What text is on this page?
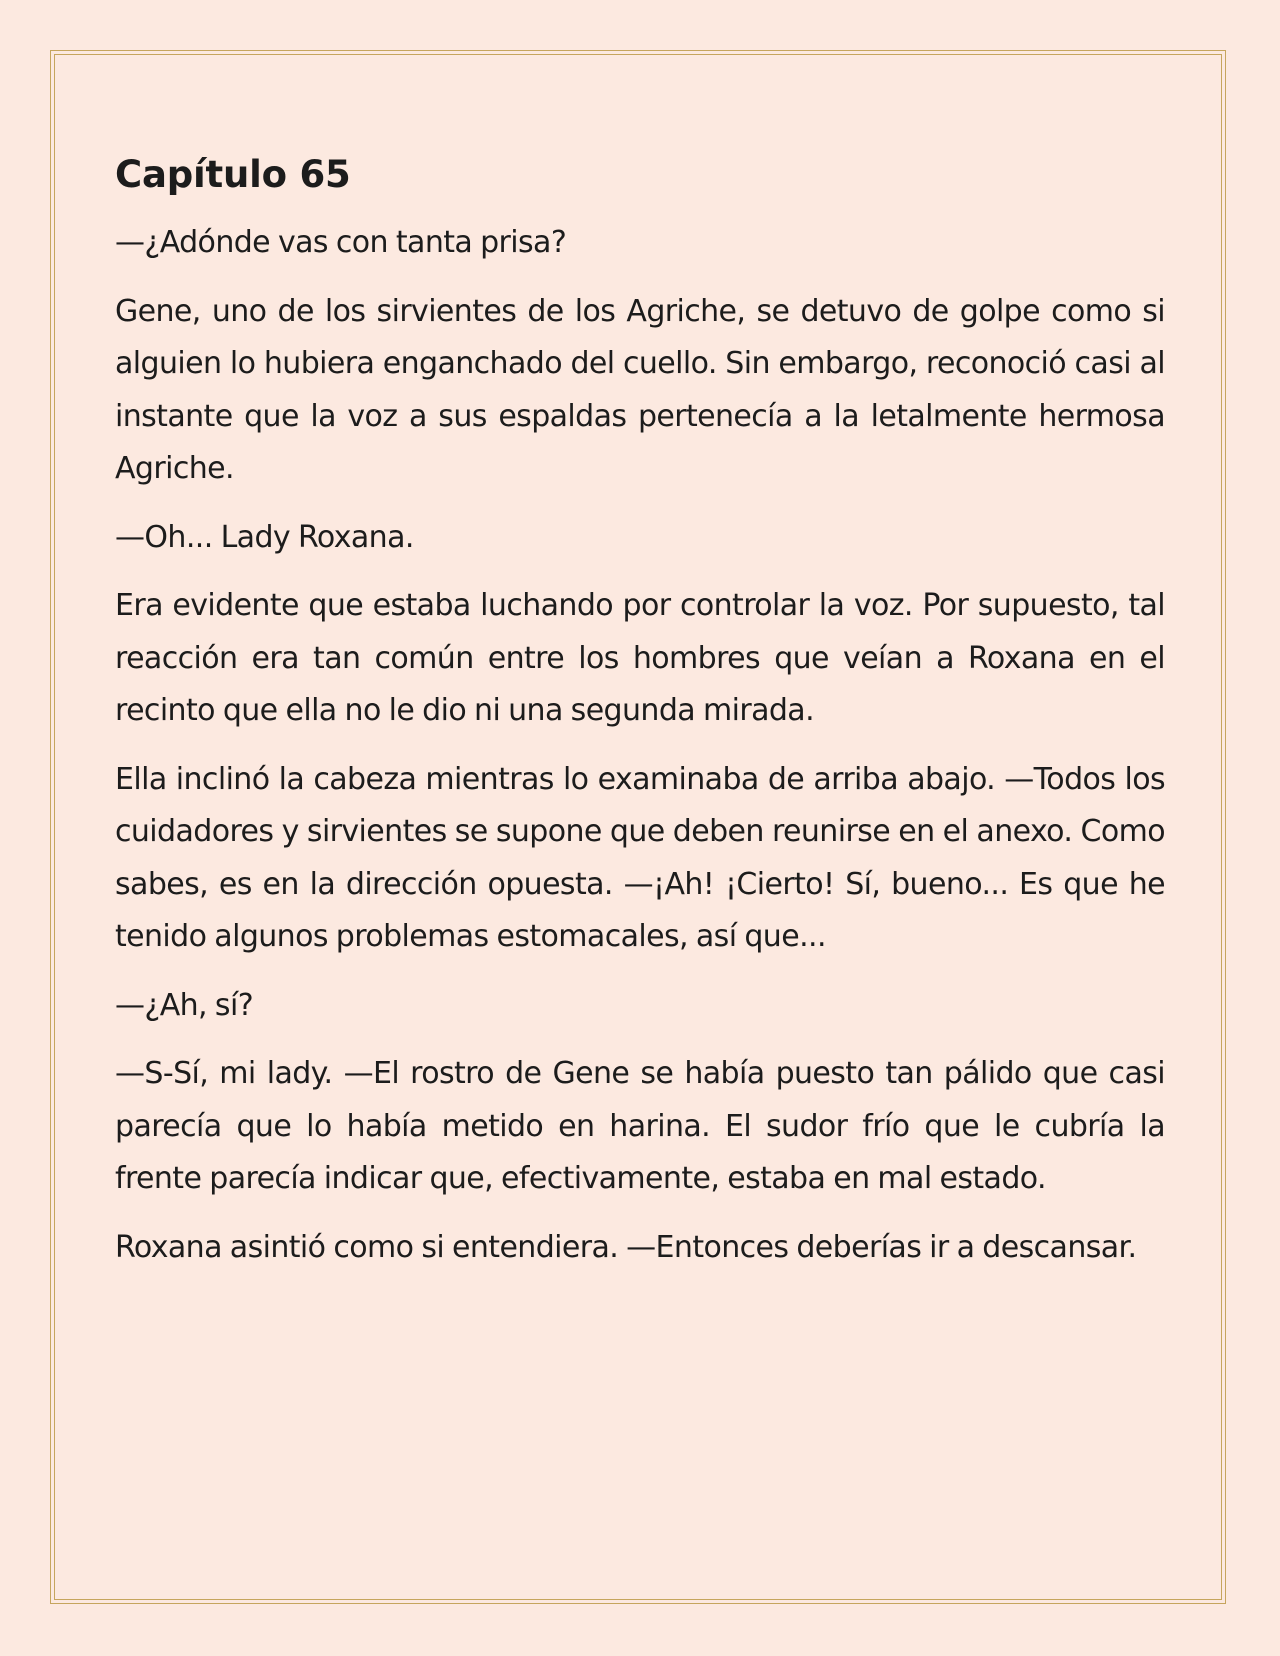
Capítulo 65

—¿Adónde vas con tanta prisa?

Gene, uno de los sirvientes de los Agriche, se detuvo de golpe como si alguien lo hubiera enganchado del cuello. Sin embargo, reconoció casi al instante que la voz a sus espaldas pertenecía a la letalmente hermosa Agriche.

—Oh... Lady Roxana.

Era evidente que estaba luchando por controlar la voz. Por supuesto, tal reacción era tan común entre los hombres que veían a Roxana en el recinto que ella no le dio ni una segunda mirada.

Ella inclinó la cabeza mientras lo examinaba de arriba abajo. —Todos los cuidadores y sirvientes se supone que deben reunirse en el anexo. Como sabes, es en la dirección opuesta. —¡Ah! ¡Cierto! Sí, bueno... Es que he tenido algunos problemas estomacales, así que...

—¿Ah, sí?

—S-Sí, mi lady. —El rostro de Gene se había puesto tan pálido que casi parecía que lo había metido en harina. El sudor frío que le cubría la frente parecía indicar que, efectivamente, estaba en mal estado.

Roxana asintió como si entendiera. —Entonces deberías ir a descansar.
